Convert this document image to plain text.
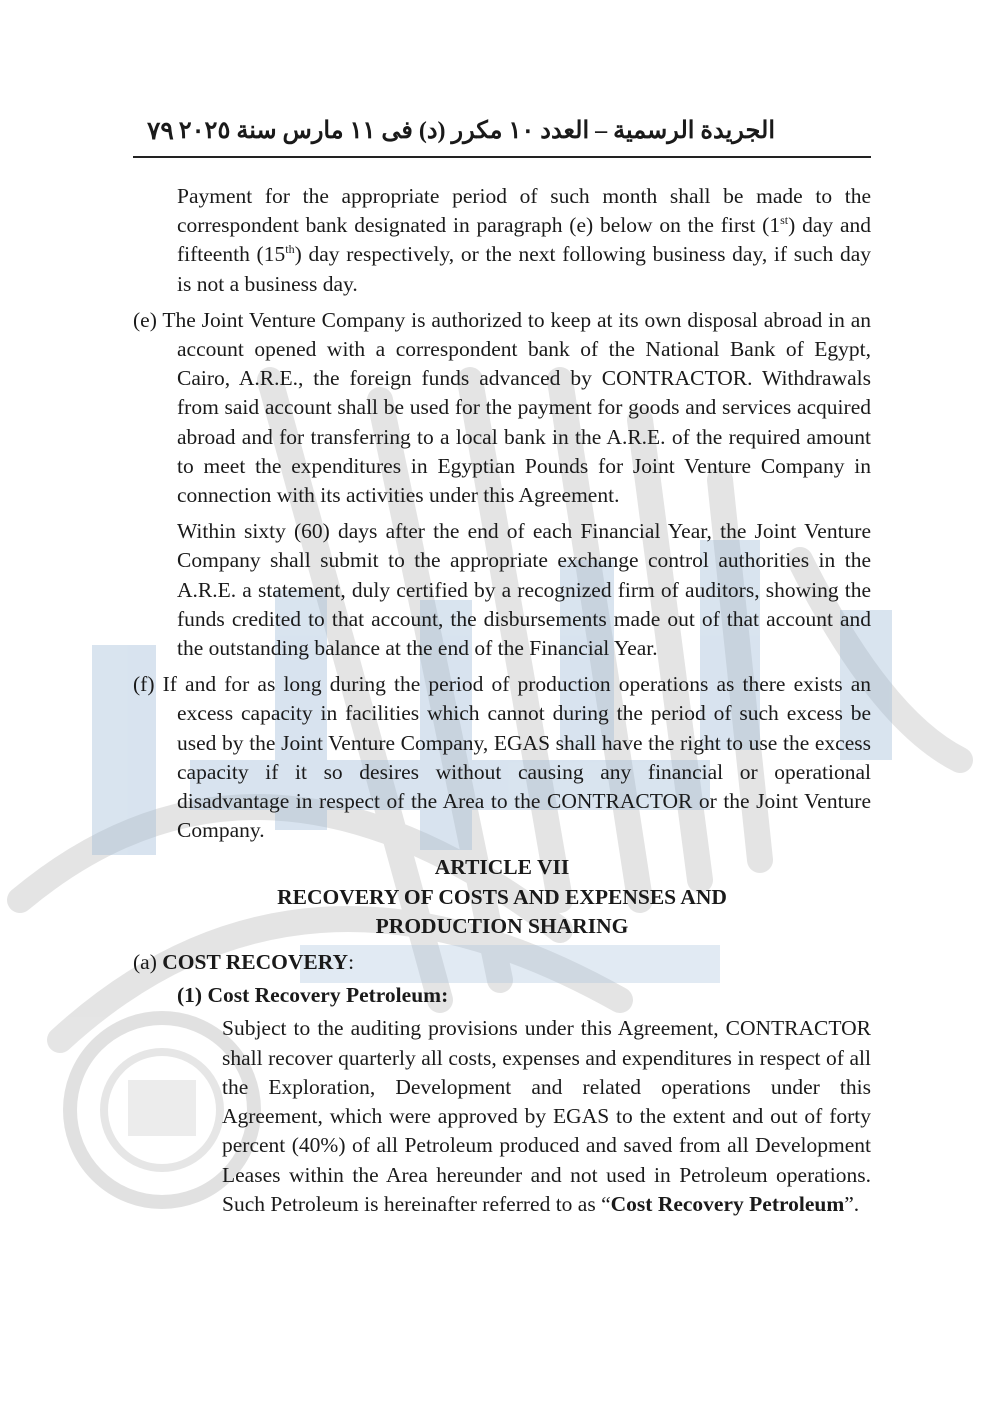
٧٩ الجريدة الرسمية – العدد ١٠ مكرر (د) فى ١١ مارس سنة ٢٠٢٥

Payment for the appropriate period of such month shall be made to the correspondent bank designated in paragraph (e) below on the first (1st) day and fifteenth (15th) day respectively, or the next following business day, if such day is not a business day.

(e) The Joint Venture Company is authorized to keep at its own disposal abroad in an account opened with a correspondent bank of the National Bank of Egypt, Cairo, A.R.E., the foreign funds advanced by CONTRACTOR. Withdrawals from said account shall be used for the payment for goods and services acquired abroad and for transferring to a local bank in the A.R.E. of the required amount to meet the expenditures in Egyptian Pounds for Joint Venture Company in connection with its activities under this Agreement.

Within sixty (60) days after the end of each Financial Year, the Joint Venture Company shall submit to the appropriate exchange control authorities in the A.R.E. a statement, duly certified by a recognized firm of auditors, showing the funds credited to that account, the disbursements made out of that account and the outstanding balance at the end of the Financial Year.

(f) If and for as long during the period of production operations as there exists an excess capacity in facilities which cannot during the period of such excess be used by the Joint Venture Company, EGAS shall have the right to use the excess capacity if it so desires without causing any financial or operational disadvantage in respect of the Area to the CONTRACTOR or the Joint Venture Company.

ARTICLE VII
RECOVERY OF COSTS AND EXPENSES AND
PRODUCTION SHARING

(a) COST RECOVERY:

(1) Cost Recovery Petroleum:

Subject to the auditing provisions under this Agreement, CONTRACTOR shall recover quarterly all costs, expenses and expenditures in respect of all the Exploration, Development and related operations under this Agreement, which were approved by EGAS to the extent and out of forty percent (40%) of all Petroleum produced and saved from all Development Leases within the Area hereunder and not used in Petroleum operations. Such Petroleum is hereinafter referred to as “Cost Recovery Petroleum”.
